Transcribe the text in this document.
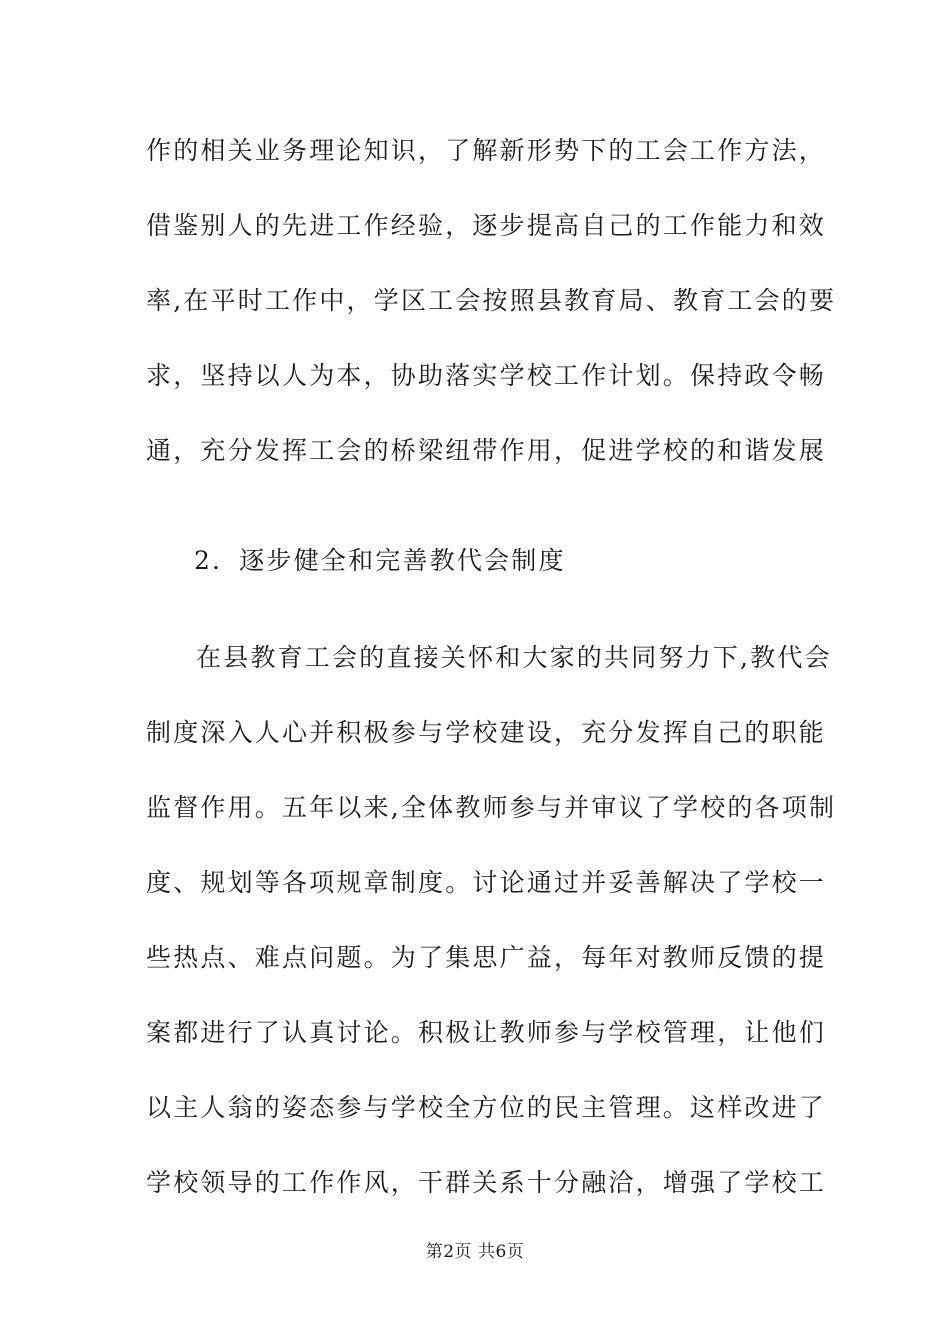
作的相关业务理论知识，了解新形势下的工会工作方法，
借鉴别人的先进工作经验，逐步提高自己的工作能力和效
率,在平时工作中，学区工会按照县教育局、教育工会的要
求，坚持以人为本，协助落实学校工作计划。保持政令畅
通，充分发挥工会的桥梁纽带作用，促进学校的和谐发展
2．逐步健全和完善教代会制度
在县教育工会的直接关怀和大家的共同努力下,教代会
制度深入人心并积极参与学校建设，充分发挥自己的职能
监督作用。五年以来,全体教师参与并审议了学校的各项制
度、规划等各项规章制度。讨论通过并妥善解决了学校一
些热点、难点问题。为了集思广益，每年对教师反馈的提
案都进行了认真讨论。积极让教师参与学校管理，让他们
以主人翁的姿态参与学校全方位的民主管理。这样改进了
学校领导的工作作风，干群关系十分融洽，增强了学校工
第2页 共6页
